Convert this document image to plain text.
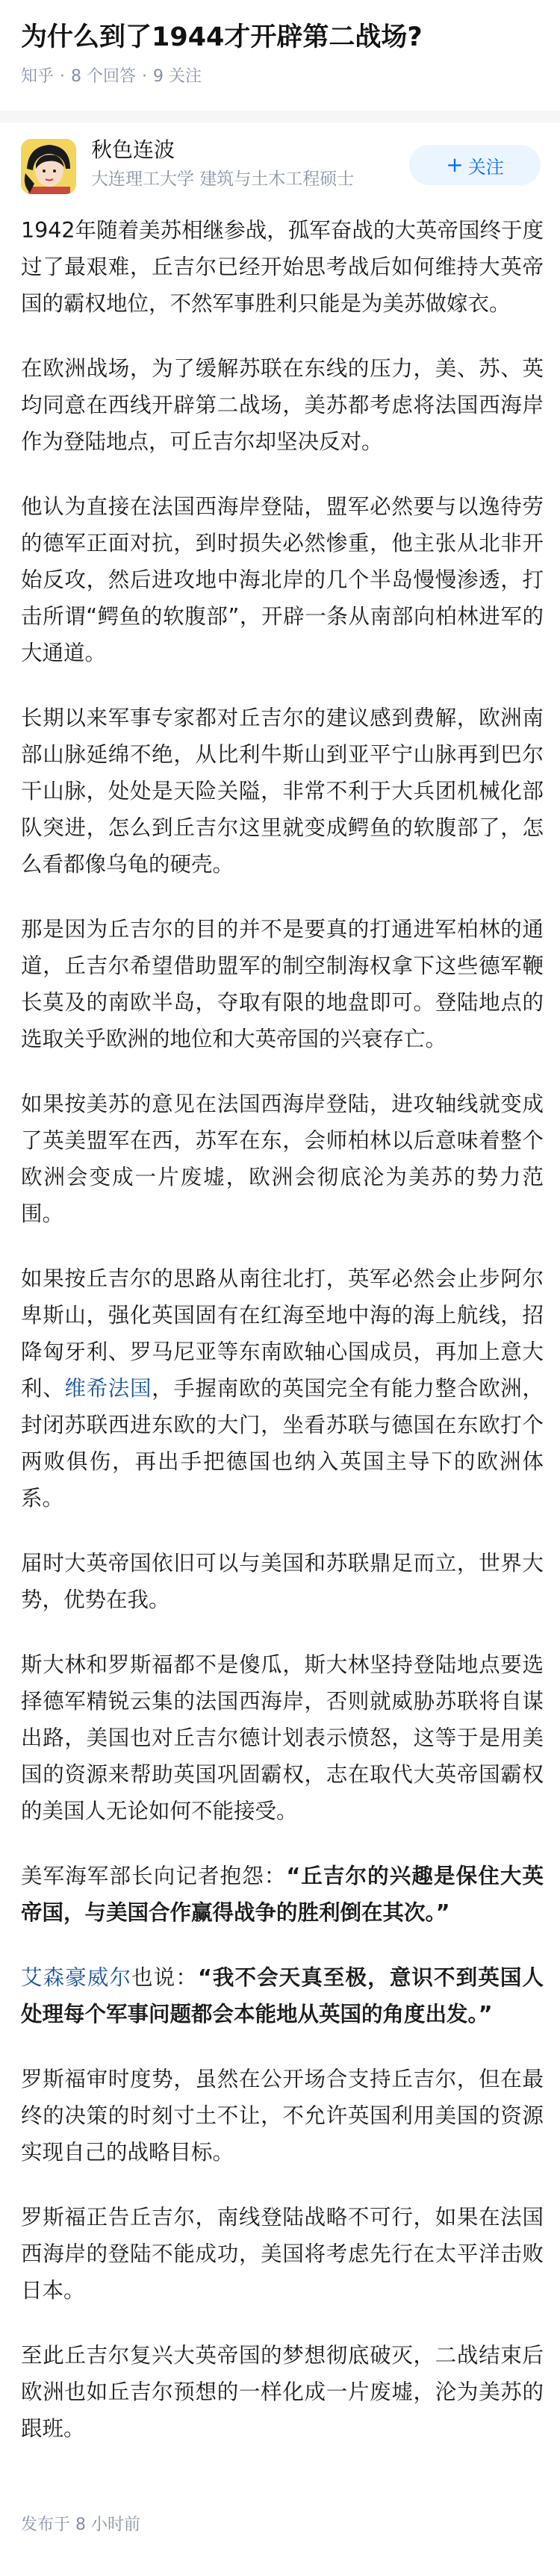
为什么到了1944才开辟第二战场?
知乎 · 8 个回答 · 9 关注
秋色连波
大连理工大学 建筑与土木工程硕士
+ 关注

1942年随着美苏相继参战，孤军奋战的大英帝国终于度过了最艰难，丘吉尔已经开始思考战后如何维持大英帝国的霸权地位，不然军事胜利只能是为美苏做嫁衣。

在欧洲战场，为了缓解苏联在东线的压力，美、苏、英均同意在西线开辟第二战场，美苏都考虑将法国西海岸作为登陆地点，可丘吉尔却坚决反对。

他认为直接在法国西海岸登陆，盟军必然要与以逸待劳的德军正面对抗，到时损失必然惨重，他主张从北非开始反攻，然后进攻地中海北岸的几个半岛慢慢渗透，打击所谓“鳄鱼的软腹部”，开辟一条从南部向柏林进军的大通道。

长期以来军事专家都对丘吉尔的建议感到费解，欧洲南部山脉延绵不绝，从比利牛斯山到亚平宁山脉再到巴尔干山脉，处处是天险关隘，非常不利于大兵团机械化部队突进，怎么到丘吉尔这里就变成鳄鱼的软腹部了，怎么看都像乌龟的硬壳。

那是因为丘吉尔的目的并不是要真的打通进军柏林的通道，丘吉尔希望借助盟军的制空制海权拿下这些德军鞭长莫及的南欧半岛，夺取有限的地盘即可。登陆地点的选取关乎欧洲的地位和大英帝国的兴衰存亡。

如果按美苏的意见在法国西海岸登陆，进攻轴线就变成了英美盟军在西，苏军在东，会师柏林以后意味着整个欧洲会变成一片废墟，欧洲会彻底沦为美苏的势力范围。

如果按丘吉尔的思路从南往北打，英军必然会止步阿尔卑斯山，强化英国固有在红海至地中海的海上航线，招降匈牙利、罗马尼亚等东南欧轴心国成员，再加上意大利、维希法国，手握南欧的英国完全有能力整合欧洲，封闭苏联西进东欧的大门，坐看苏联与德国在东欧打个两败俱伤，再出手把德国也纳入英国主导下的欧洲体系。

届时大英帝国依旧可以与美国和苏联鼎足而立，世界大势，优势在我。

斯大林和罗斯福都不是傻瓜，斯大林坚持登陆地点要选择德军精锐云集的法国西海岸，否则就威胁苏联将自谋出路，美国也对丘吉尔德计划表示愤怒，这等于是用美国的资源来帮助英国巩固霸权，志在取代大英帝国霸权的美国人无论如何不能接受。

美军海军部长向记者抱怨：“丘吉尔的兴趣是保住大英帝国，与美国合作赢得战争的胜利倒在其次。”

艾森豪威尔也说：“我不会天真至极，意识不到英国人处理每个军事问题都会本能地从英国的角度出发。”

罗斯福审时度势，虽然在公开场合支持丘吉尔，但在最终的决策的时刻寸土不让，不允许英国利用美国的资源实现自己的战略目标。

罗斯福正告丘吉尔，南线登陆战略不可行，如果在法国西海岸的登陆不能成功，美国将考虑先行在太平洋击败日本。

至此丘吉尔复兴大英帝国的梦想彻底破灭，二战结束后欧洲也如丘吉尔预想的一样化成一片废墟，沦为美苏的跟班。

发布于 8 小时前
